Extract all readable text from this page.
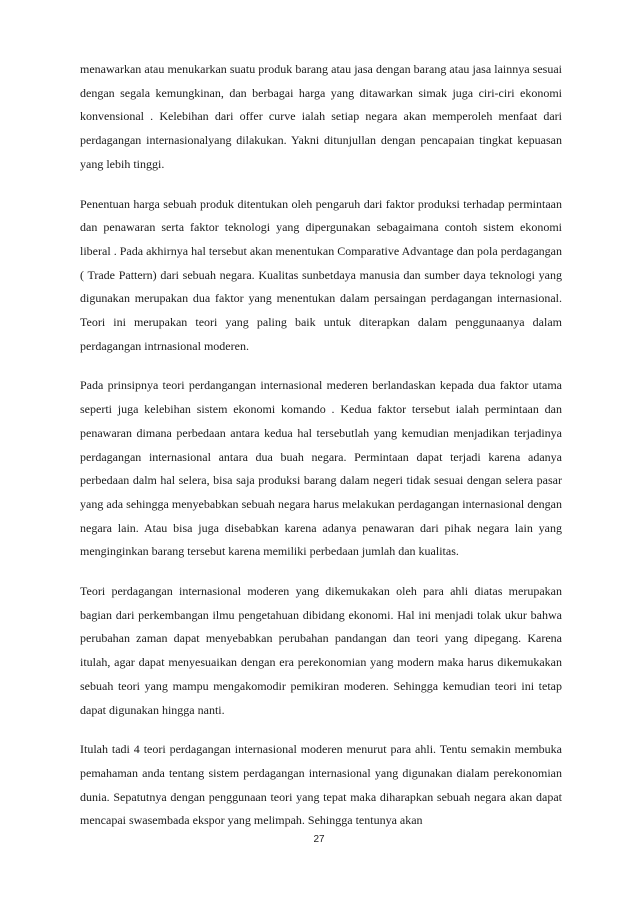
menawarkan atau menukarkan suatu produk barang atau jasa dengan barang atau jasa lainnya sesuai dengan segala kemungkinan, dan berbagai harga yang ditawarkan simak juga ciri-ciri ekonomi konvensional . Kelebihan dari offer curve ialah setiap negara akan memperoleh menfaat dari perdagangan internasionalyang dilakukan. Yakni ditunjullan dengan pencapaian tingkat kepuasan yang lebih tinggi.

Penentuan harga sebuah produk ditentukan oleh pengaruh dari faktor produksi terhadap permintaan dan penawaran serta faktor teknologi yang dipergunakan sebagaimana contoh sistem ekonomi liberal . Pada akhirnya hal tersebut akan menentukan Comparative Advantage dan pola perdagangan ( Trade Pattern) dari sebuah negara. Kualitas sunbetdaya manusia dan sumber daya teknologi yang digunakan merupakan dua faktor yang menentukan dalam persaingan perdagangan internasional. Teori ini merupakan teori yang paling baik untuk diterapkan dalam penggunaanya dalam perdagangan intrnasional moderen.

Pada prinsipnya teori perdangangan internasional mederen berlandaskan kepada dua faktor utama seperti juga kelebihan sistem ekonomi komando . Kedua faktor tersebut ialah permintaan dan penawaran dimana perbedaan antara kedua hal tersebutlah yang kemudian menjadikan terjadinya perdagangan internasional antara dua buah negara. Permintaan dapat terjadi karena adanya perbedaan dalm hal selera, bisa saja produksi barang dalam negeri tidak sesuai dengan selera pasar yang ada sehingga menyebabkan sebuah negara harus melakukan perdagangan internasional dengan negara lain. Atau bisa juga disebabkan karena adanya penawaran dari pihak negara lain yang menginginkan barang tersebut karena memiliki perbedaan jumlah dan kualitas.

Teori perdagangan internasional moderen yang dikemukakan oleh para ahli diatas merupakan bagian dari perkembangan ilmu pengetahuan dibidang ekonomi. Hal ini menjadi tolak ukur bahwa perubahan zaman dapat menyebabkan perubahan pandangan dan teori yang dipegang. Karena itulah, agar dapat menyesuaikan dengan era perekonomian yang modern maka harus dikemukakan sebuah teori yang mampu mengakomodir pemikiran moderen. Sehingga kemudian teori ini tetap dapat digunakan hingga nanti.

Itulah tadi 4 teori perdagangan internasional moderen menurut para ahli. Tentu semakin membuka pemahaman anda tentang sistem perdagangan internasional yang digunakan dialam perekonomian dunia. Sepatutnya dengan penggunaan teori yang tepat maka diharapkan sebuah negara akan dapat mencapai swasembada ekspor yang melimpah. Sehingga tentunya akan

27
